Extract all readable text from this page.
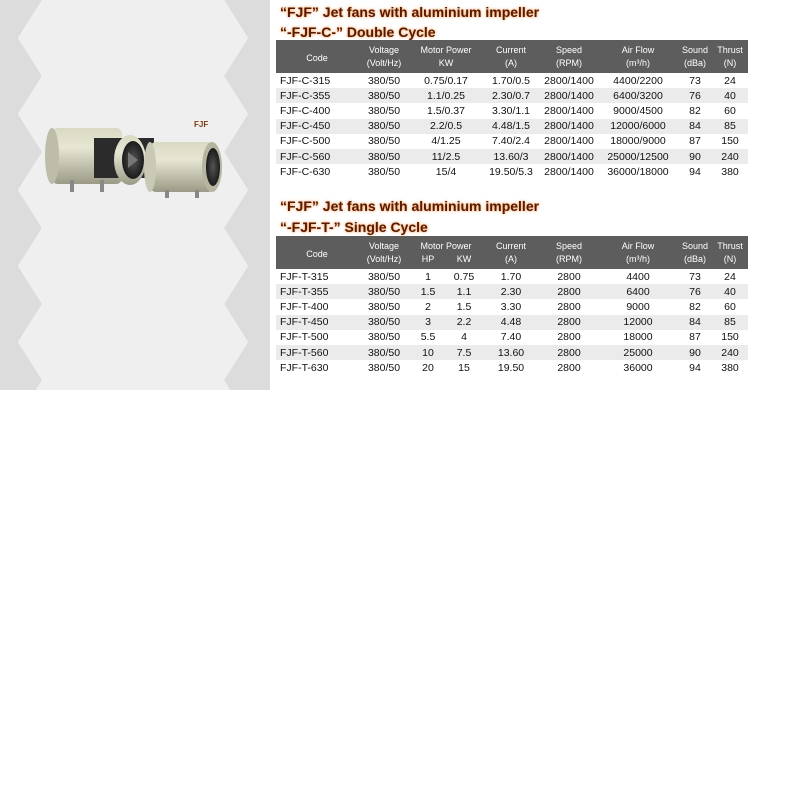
FJF
“FJF” Jet fans with aluminium impeller
“-FJF-C-” Double Cycle
Code	Voltage	Motor Power	Current	Speed	Air Flow	Sound	Thrust
	(Volt/Hz)	KW	(A)	(RPM)	(m³/h)	(dBa)	(N)
FJF-C-315	380/50	0.75/0.17	1.70/0.5	2800/1400	4400/2200	73	24
FJF-C-355	380/50	1.1/0.25	2.30/0.7	2800/1400	6400/3200	76	40
FJF-C-400	380/50	1.5/0.37	3.30/1.1	2800/1400	9000/4500	82	60
FJF-C-450	380/50	2.2/0.5	4.48/1.5	2800/1400	12000/6000	84	85
FJF-C-500	380/50	4/1.25	7.40/2.4	2800/1400	18000/9000	87	150
FJF-C-560	380/50	11/2.5	13.60/3	2800/1400	25000/12500	90	240
FJF-C-630	380/50	15/4	19.50/5.3	2800/1400	36000/18000	94	380
“FJF” Jet fans with aluminium impeller
“-FJF-T-” Single Cycle
Code	Voltage	Motor Power		Current	Speed	Air Flow	Sound	Thrust
	(Volt/Hz)	HP	KW	(A)	(RPM)	(m³/h)	(dBa)	(N)
FJF-T-315	380/50	1	0.75	1.70	2800	4400	73	24
FJF-T-355	380/50	1.5	1.1	2.30	2800	6400	76	40
FJF-T-400	380/50	2	1.5	3.30	2800	9000	82	60
FJF-T-450	380/50	3	2.2	4.48	2800	12000	84	85
FJF-T-500	380/50	5.5	4	7.40	2800	18000	87	150
FJF-T-560	380/50	10	7.5	13.60	2800	25000	90	240
FJF-T-630	380/50	20	15	19.50	2800	36000	94	380
